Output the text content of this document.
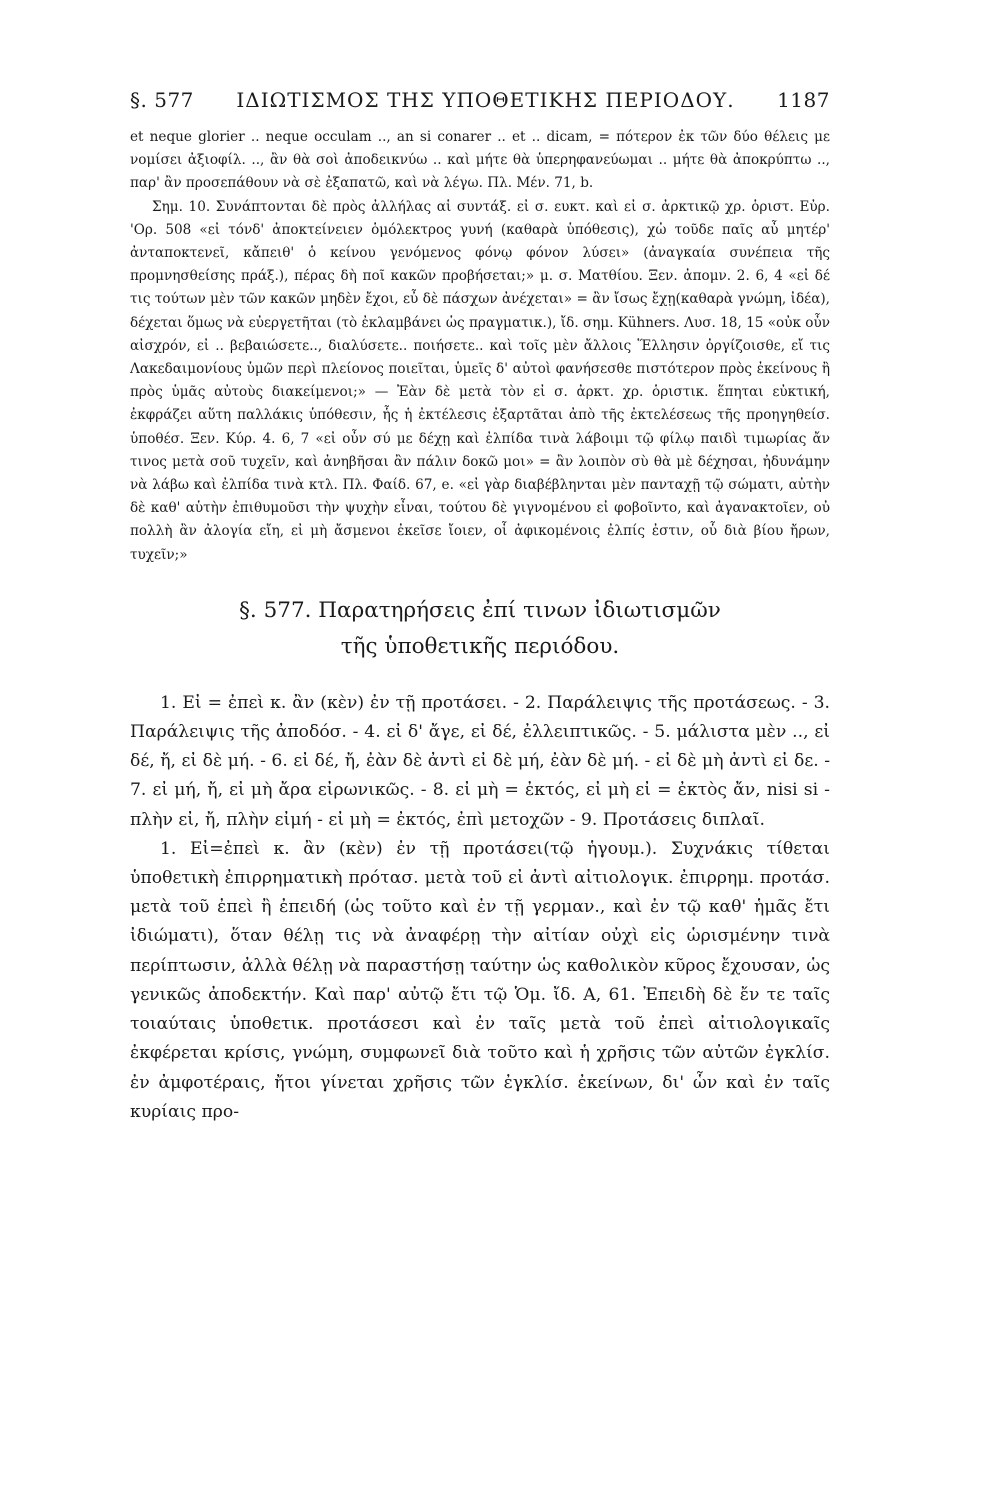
§. 577 ΙΔΙΩΤΙΣΜΟΣ ΤΗΣ ΥΠΟΘΕΤΙΚΗΣ ΠΕΡΙΟΔΟΥ. 1187

et neque glorier .. neque occulam .., an si conarer .. et .. dicam, = πότερον ἐκ τῶν δύο θέλεις με νομίσει ἀξιοφίλ. .., ἂν θὰ σοὶ ἀποδεικνύω .. καὶ μήτε θὰ ὑπερηφανεύωμαι .. μήτε θὰ ἀποκρύπτω .., παρ' ἂν προσεπάθουν νὰ σὲ ἐξαπατῶ, καὶ νὰ λέγω. Πλ. Μέν. 71, b.

Σημ. 10. Συνάπτονται δὲ πρὸς ἀλλήλας αἱ συντάξ. εἰ σ. ευκτ. καὶ εἰ σ. ἀρκτικῷ χρ. ὁριστ. Εὐρ. 'Ορ. 508 «εἰ τόνδ' ἀποκτείνειεν ὁμόλεκτρος γυνή (καθαρὰ ὑπόθεσις), χὠ τοῦδε παῖς αὖ μητέρ' ἀνταποκτενεῖ, κἄπειθ' ὁ κείνου γενόμενος φόνῳ φόνον λύσει» (ἀναγκαία συνέπεια τῆς προμνησθείσης πράξ.), πέρας δὴ ποῖ κακῶν προβήσεται;» μ. σ. Ματθίου. Ξεν. ἀπομν. 2. 6, 4 «εἰ δέ τις τούτων μὲν τῶν κακῶν μηδὲν ἔχοι, εὖ δὲ πάσχων ἀνέχεται» = ἂν ἴσως ἔχῃ(καθαρὰ γνώμη, ἰδέα), δέχεται ὅμως νὰ εὐεργετῆται (τὸ ἐκλαμβάνει ὡς πραγματικ.), ἴδ. σημ. Kühners. Λυσ. 18, 15 «οὐκ οὖν αἰσχρόν, εἰ .. βεβαιώσετε.., διαλύσετε.. ποιήσετε.. καὶ τοῖς μὲν ἄλλοις Ἕλλησιν ὀργίζοισθε, εἴ τις Λακεδαιμονίους ὑμῶν περὶ πλείονος ποιεῖται, ὑμεῖς δ' αὐτοὶ φανήσεσθε πιστότερον πρὸς ἐκείνους ἢ πρὸς ὑμᾶς αὐτοὺς διακείμενοι;» — Ἐὰν δὲ μετὰ τὸν εἰ σ. ἀρκτ. χρ. ὁριστικ. ἕπηται εὐκτική, ἐκφράζει αὕτη παλλάκις ὑπόθεσιν, ἧς ἡ ἐκτέλεσις ἐξαρτᾶται ἀπὸ τῆς ἐκτελέσεως τῆς προηγηθείσ. ὑποθέσ. Ξεν. Κύρ. 4. 6, 7 «εἰ οὖν σύ με δέχῃ καὶ ἐλπίδα τινὰ λάβοιμι τῷ φίλῳ παιδὶ τιμωρίας ἄν τινος μετὰ σοῦ τυχεῖν, καὶ ἀνηβῆσαι ἂν πάλιν δοκῶ μοι» = ἂν λοιπὸν σὺ θὰ μὲ δέχησαι, ἠδυνάμην νὰ λάβω καὶ ἐλπίδα τινὰ κτλ. Πλ. Φαίδ. 67, e. «εἰ γὰρ διαβέβληνται μὲν πανταχῇ τῷ σώματι, αὐτὴν δὲ καθ' αὑτὴν ἐπιθυμοῦσι τὴν ψυχὴν εἶναι, τούτου δὲ γιγνομένου εἰ φοβοῖντο, καὶ ἀγανακτοῖεν, οὐ πολλὴ ἂν ἀλογία εἴη, εἰ μὴ ἄσμενοι ἐκεῖσε ἴοιεν, οἷ ἀφικομένοις ἐλπίς ἐστιν, οὗ διὰ βίου ἤρων, τυχεῖν;»

§. 577. Παρατηρήσεις ἐπί τινων ἰδιωτισμῶν
τῆς ὑποθετικῆς περιόδου.

1. Εἰ = ἐπεὶ κ. ἂν (κὲν) ἐν τῇ προτάσει. - 2. Παράλειψις τῆς προτάσεως. - 3. Παράλειψις τῆς ἀποδόσ. - 4. εἰ δ' ἄγε, εἰ δέ, ἐλλειπτικῶς. - 5. μάλιστα μὲν .., εἰ δέ, ἤ, εἰ δὲ μή. - 6. εἰ δέ, ἤ, ἐὰν δὲ ἀντὶ εἰ δὲ μή, ἐὰν δὲ μή. - εἰ δὲ μὴ ἀντὶ εἰ δε. - 7. εἰ μή, ἤ, εἰ μὴ ἄρα εἰρωνικῶς. - 8. εἰ μὴ = ἐκτός, εἰ μὴ εἰ = ἐκτὸς ἄν, nisi si - πλὴν εἰ, ἤ, πλὴν εἰμή - εἰ μὴ = ἐκτός, ἐπὶ μετοχῶν - 9. Προτάσεις διπλαῖ.

1. Εἰ=ἐπεὶ κ. ἂν (κὲν) ἐν τῇ προτάσει(τῷ ἡγουμ.). Συχνάκις τίθεται ὑποθετικὴ ἐπιρρηματικὴ πρότασ. μετὰ τοῦ εἰ ἀντὶ αἰτιολογικ. ἐπιρρημ. προτάσ. μετὰ τοῦ ἐπεὶ ἢ ἐπειδή (ὡς τοῦτο καὶ ἐν τῇ γερμαν., καὶ ἐν τῷ καθ' ἡμᾶς ἔτι ἰδιώματι), ὅταν θέλῃ τις νὰ ἀναφέρῃ τὴν αἰτίαν οὐχὶ εἰς ὡρισμένην τινὰ περίπτωσιν, ἀλλὰ θέλῃ νὰ παραστήσῃ ταύτην ὡς καθολικὸν κῦρος ἔχουσαν, ὡς γενικῶς ἀποδεκτήν. Καὶ παρ' αὐτῷ ἔτι τῷ Ὁμ. ἴδ. Α, 61. Ἐπειδὴ δὲ ἔν τε ταῖς τοιαύταις ὑποθετικ. προτάσεσι καὶ ἐν ταῖς μετὰ τοῦ ἐπεὶ αἰτιολογικαῖς ἐκφέρεται κρίσις, γνώμη, συμφωνεῖ διὰ τοῦτο καὶ ἡ χρῆσις τῶν αὐτῶν ἐγκλίσ. ἐν ἀμφοτέραις, ἤτοι γίνεται χρῆσις τῶν ἐγκλίσ. ἐκείνων, δι' ὧν καὶ ἐν ταῖς κυρίαις προ-
